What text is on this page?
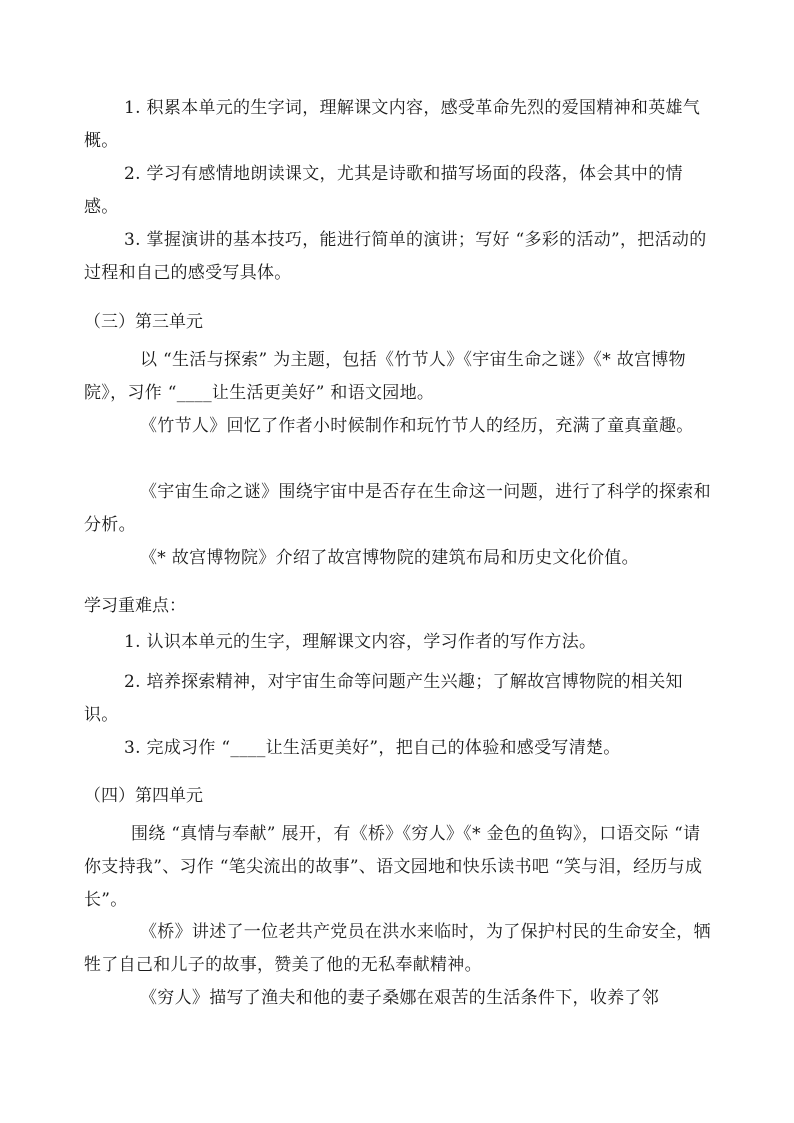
1. 积累本单元的生字词，理解课文内容，感受革命先烈的爱国精神和英雄气概。

2. 学习有感情地朗读课文，尤其是诗歌和描写场面的段落，体会其中的情感。

3. 掌握演讲的基本技巧，能进行简单的演讲；写好 “多彩的活动”，把活动的过程和自己的感受写具体。

（三）第三单元

以 “生活与探索” 为主题，包括《竹节人》《宇宙生命之谜》《* 故宫博物院》，习作 “____让生活更美好” 和语文园地。

《竹节人》回忆了作者小时候制作和玩竹节人的经历，充满了童真童趣。

《宇宙生命之谜》围绕宇宙中是否存在生命这一问题，进行了科学的探索和分析。

《* 故宫博物院》介绍了故宫博物院的建筑布局和历史文化价值。

学习重难点：

1. 认识本单元的生字，理解课文内容，学习作者的写作方法。

2. 培养探索精神，对宇宙生命等问题产生兴趣；了解故宫博物院的相关知识。

3. 完成习作 “____让生活更美好”，把自己的体验和感受写清楚。

（四）第四单元

围绕 “真情与奉献” 展开，有《桥》《穷人》《* 金色的鱼钩》，口语交际 “请你支持我”、习作 “笔尖流出的故事”、语文园地和快乐读书吧 “笑与泪，经历与成长”。

《桥》讲述了一位老共产党员在洪水来临时，为了保护村民的生命安全，牺牲了自己和儿子的故事，赞美了他的无私奉献精神。

《穷人》描写了渔夫和他的妻子桑娜在艰苦的生活条件下，收养了邻
